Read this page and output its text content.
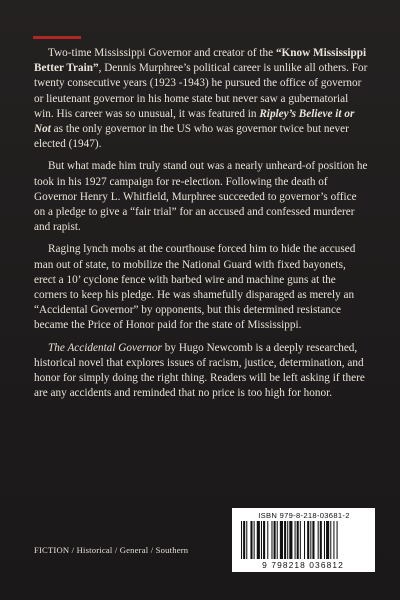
Two-time Mississippi Governor and creator of the “Know Mississippi Better Train”, Dennis Murphree’s political career is unlike all others. For twenty consecutive years (1923 -1943) he pursued the office of governor or lieutenant governor in his home state but never saw a gubernatorial win. His career was so unusual, it was featured in Ripley’s Believe it or Not as the only governor in the US who was governor twice but never elected (1947).

But what made him truly stand out was a nearly unheard-of position he took in his 1927 campaign for re-election. Following the death of Governor Henry L. Whitfield, Murphree succeeded to governor’s office on a pledge to give a “fair trial” for an accused and confessed murderer and rapist.

Raging lynch mobs at the courthouse forced him to hide the accused man out of state, to mobilize the National Guard with fixed bayonets, erect a 10’ cyclone fence with barbed wire and machine guns at the corners to keep his pledge. He was shamefully disparaged as merely an “Accidental Governor” by opponents, but this determined resistance became the Price of Honor paid for the state of Mississippi.

The Accidental Governor by Hugo Newcomb is a deeply researched, historical novel that explores issues of racism, justice, determination, and honor for simply doing the right thing. Readers will be left asking if there are any accidents and reminded that no price is too high for honor.

FICTION / Historical / General / Southern
ISBN 979-8-218-03681-2
9 798218 036812
